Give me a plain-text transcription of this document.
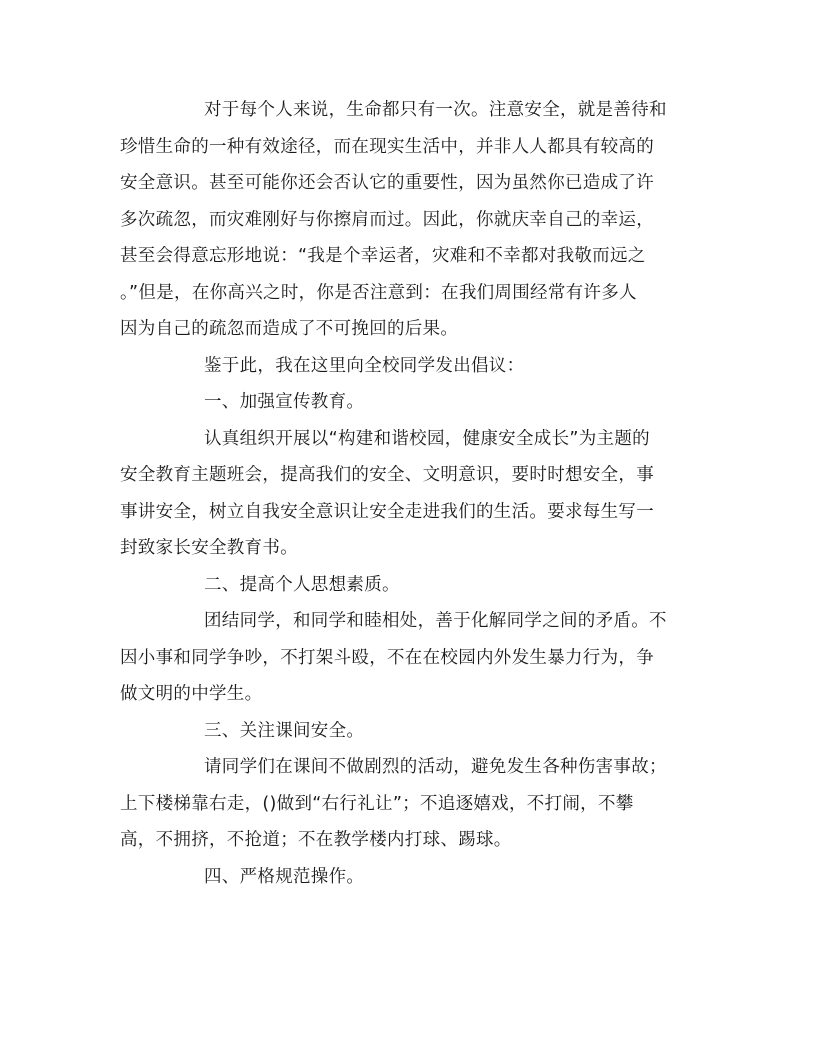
对于每个人来说，生命都只有一次。注意安全，就是善待和
珍惜生命的一种有效途径，而在现实生活中，并非人人都具有较高的
安全意识。甚至可能你还会否认它的重要性，因为虽然你已造成了许
多次疏忽，而灾难刚好与你擦肩而过。因此，你就庆幸自己的幸运，
甚至会得意忘形地说：“我是个幸运者，灾难和不幸都对我敬而远之
。”但是，在你高兴之时，你是否注意到：在我们周围经常有许多人
因为自己的疏忽而造成了不可挽回的后果。
鉴于此，我在这里向全校同学发出倡议：
一、加强宣传教育。
认真组织开展以“构建和谐校园，健康安全成长”为主题的
安全教育主题班会，提高我们的安全、文明意识，要时时想安全，事
事讲安全，树立自我安全意识让安全走进我们的生活。要求每生写一
封致家长安全教育书。
二、提高个人思想素质。
团结同学，和同学和睦相处，善于化解同学之间的矛盾。不
因小事和同学争吵，不打架斗殴，不在在校园内外发生暴力行为，争
做文明的中学生。
三、关注课间安全。
请同学们在课间不做剧烈的活动，避免发生各种伤害事故；
上下楼梯靠右走，()做到“右行礼让”；不追逐嬉戏，不打闹，不攀
高，不拥挤，不抢道；不在教学楼内打球、踢球。
四、严格规范操作。
